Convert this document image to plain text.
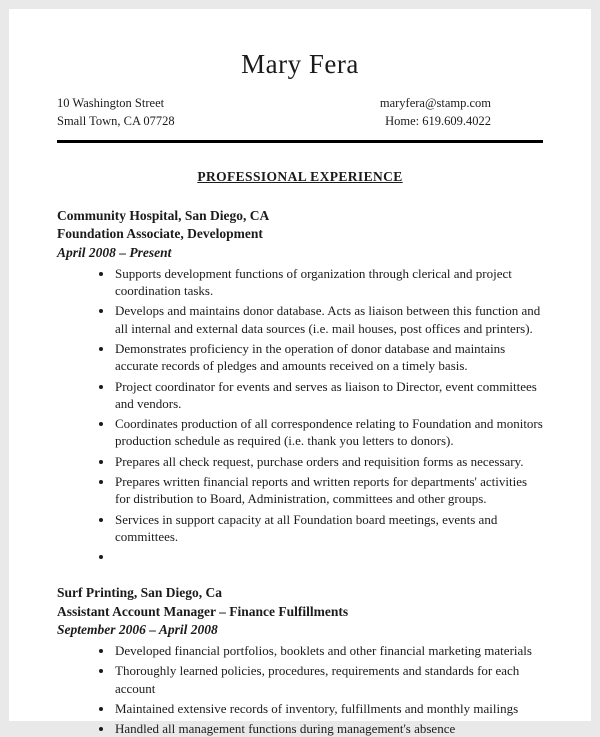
Mary Fera
10 Washington Street
Small Town, CA 07728
maryfera@stamp.com
Home: 619.609.4022
PROFESSIONAL EXPERIENCE
Community Hospital, San Diego, CA
Foundation Associate, Development
April 2008 – Present
• Supports development functions of organization through clerical and project coordination tasks.
• Develops and maintains donor database. Acts as liaison between this function and all internal and external data sources (i.e. mail houses, post offices and printers).
• Demonstrates proficiency in the operation of donor database and maintains accurate records of pledges and amounts received on a timely basis.
• Project coordinator for events and serves as liaison to Director, event committees and vendors.
• Coordinates production of all correspondence relating to Foundation and monitors production schedule as required (i.e. thank you letters to donors).
• Prepares all check request, purchase orders and requisition forms as necessary.
• Prepares written financial reports and written reports for departments' activities for distribution to Board, Administration, committees and other groups.
• Services in support capacity at all Foundation board meetings, events and committees.
•
Surf Printing, San Diego, Ca
Assistant Account Manager – Finance Fulfillments
September 2006 – April 2008
• Developed financial portfolios, booklets and other financial marketing materials
• Thoroughly learned policies, procedures, requirements and standards for each account
• Maintained extensive records of inventory, fulfillments and monthly mailings
• Handled all management functions during management's absence
